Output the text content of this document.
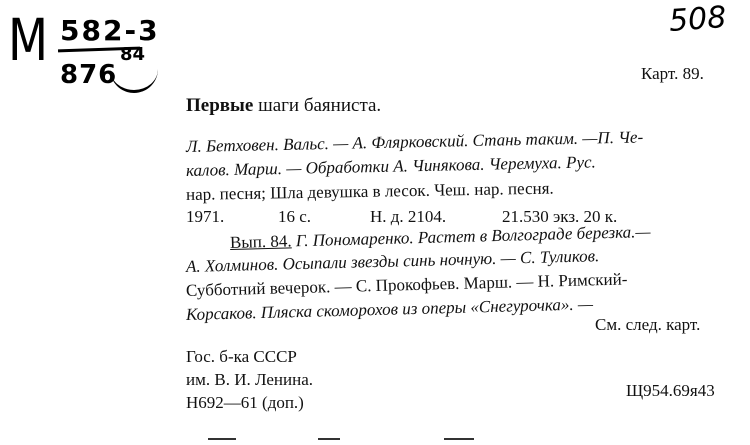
М 582-3
876
84
508
Карт. 89.
Первые шаги баяниста.
Л. Бетховен. Вальс. — А. Флярковский. Стань таким. —П. Че-
калов. Марш. — Обработки А. Чинякова. Черемуха. Рус.
нар. песня; Шла девушка в лесок. Чеш. нар. песня.
1971.	16 с.	Н. д. 2104.	21.530 экз. 20 к.
Вып. 84. Г. Пономаренко. Растет в Волгограде березка.—
А. Холминов. Осыпали звезды синь ночную. — С. Туликов.
Субботний вечерок. — С. Прокофьев. Марш. — Н. Римский-
Корсаков. Пляска скоморохов из оперы «Снегурочка». —
См. след. карт.
Гос. б-ка СССР
им. В. И. Ленина.
Н692—61 (доп.)
Щ954.69я43
